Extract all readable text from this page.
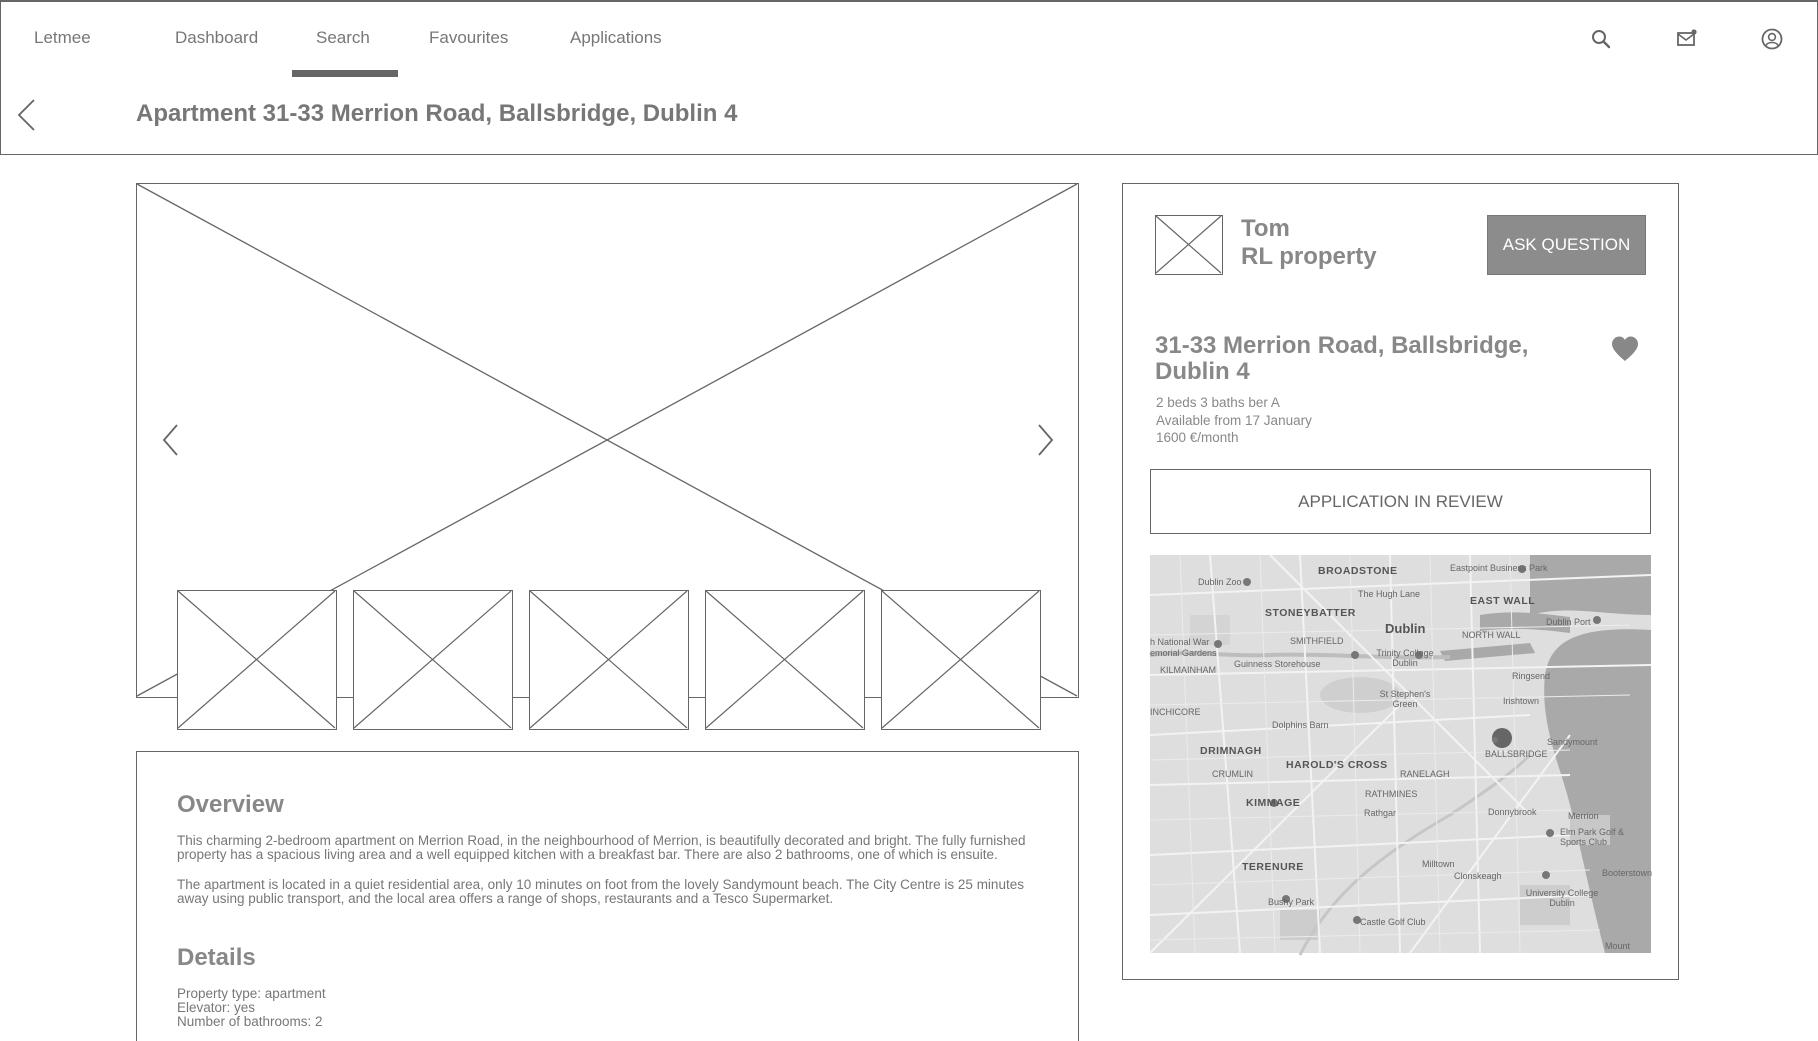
Letmee	Dashboard	Search	Favourites	Applications
Apartment 31-33 Merrion Road, Ballsbridge, Dublin 4
Overview
This charming 2-bedroom apartment on Merrion Road, in the neighbourhood of Merrion, is beautifully decorated and bright. The fully furnished
property has a spacious living area and a well equipped kitchen with a breakfast bar. There are also 2 bathrooms, one of which is ensuite.
The apartment is located in a quiet residential area, only 10 minutes on foot from the lovely Sandymount beach. The City Centre is 25 minutes
away using public transport, and the local area offers a range of shops, restaurants and a Tesco Supermarket.
Details
Property type: apartment
Elevator: yes
Number of bathrooms: 2
Tom
RL property	ASK QUESTION
31-33 Merrion Road, Ballsbridge, Dublin 4
2 beds 3 baths ber A
Available from 17 January
1600 €/month
APPLICATION IN REVIEW
BROADSTONE	Eastpoint Business Park
Dublin Zoo
The Hugh Lane
EAST WALL
STONEYBATTER
Dublin	NORTH WALL
Dublin Port
SMITHFIELD
h National War
emorial Gardens
KILMAINHAM
Guinness Storehouse
Trinity College Dublin
Ringsend
St Stephen's Green	Irishtown
INCHICORE
Dolphins Barn
DRIMNAGH
HAROLD'S CROSS
BALLSBRIDGE
Sandymount
CRUMLIN	RANELAGH
RATHMINES
KIMMAGE
Rathgar	Donnybrook	Merrion
Elm Park Golf & Sports Club
TERENURE	Milltown
Booterstown
Clonskeagh
Bushy Park
University College Dublin
Castle Golf Club
Mount
